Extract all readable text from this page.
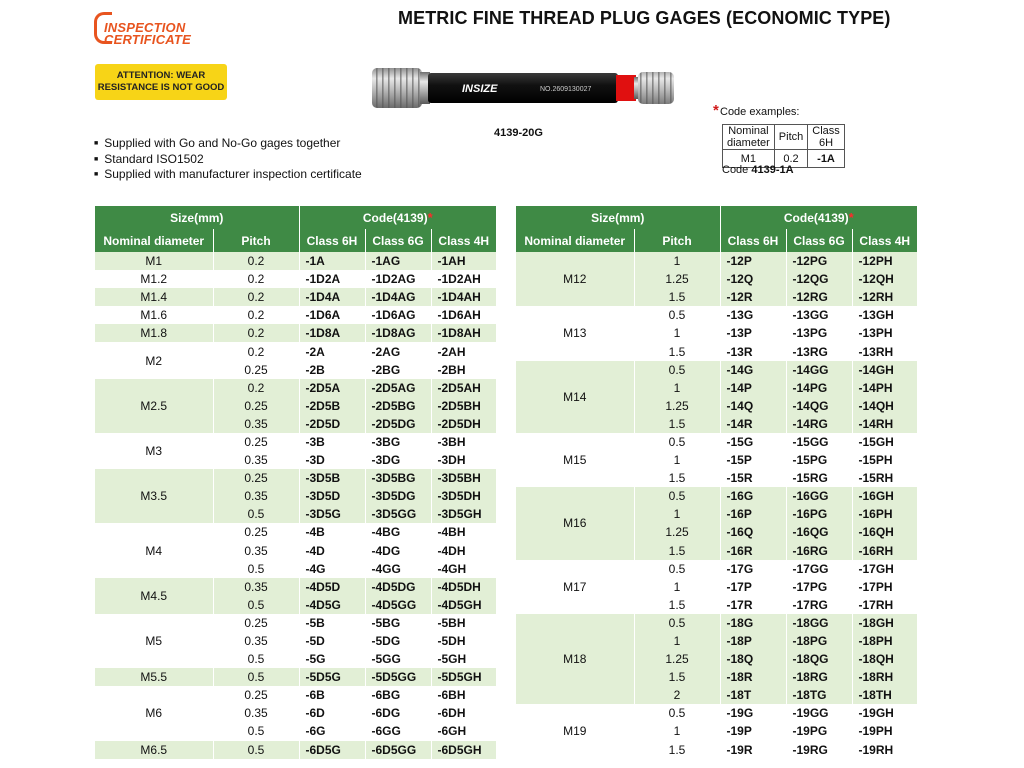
INSPECTION
CERTIFICATE
METRIC FINE THREAD PLUG GAGES (ECONOMIC TYPE)
ATTENTION: WEAR
RESISTANCE IS NOT GOOD	INSIZE	NO.2609130027
4139-20G
■ Supplied with Go and No-Go gages together
■ Standard ISO1502
■ Supplied with manufacturer inspection certificate
* Code examples:
Nominal diameter	Pitch	Class 6H
M1	0.2	-1A
Code 4139-1A
Size(mm)		Code(4139)*		
Nominal diameter	Pitch	Class 6H	Class 6G	Class 4H
M1	0.2	-1A	-1AG	-1AH
M1.2	0.2	-1D2A	-1D2AG	-1D2AH
M1.4	0.2	-1D4A	-1D4AG	-1D4AH
M1.6	0.2	-1D6A	-1D6AG	-1D6AH
M1.8	0.2	-1D8A	-1D8AG	-1D8AH
M2	0.2	-2A	-2AG	-2AH
	0.25	-2B	-2BG	-2BH
M2.5	0.2	-2D5A	-2D5AG	-2D5AH
	0.25	-2D5B	-2D5BG	-2D5BH
	0.35	-2D5D	-2D5DG	-2D5DH
M3	0.25	-3B	-3BG	-3BH
	0.35	-3D	-3DG	-3DH
M3.5	0.25	-3D5B	-3D5BG	-3D5BH
	0.35	-3D5D	-3D5DG	-3D5DH
	0.5	-3D5G	-3D5GG	-3D5GH
M4	0.25	-4B	-4BG	-4BH
	0.35	-4D	-4DG	-4DH
	0.5	-4G	-4GG	-4GH
M4.5	0.35	-4D5D	-4D5DG	-4D5DH
	0.5	-4D5G	-4D5GG	-4D5GH
M5	0.25	-5B	-5BG	-5BH
	0.35	-5D	-5DG	-5DH
	0.5	-5G	-5GG	-5GH
M5.5	0.5	-5D5G	-5D5GG	-5D5GH
M6	0.25	-6B	-6BG	-6BH
	0.35	-6D	-6DG	-6DH
	0.5	-6G	-6GG	-6GH
M6.5	0.5	-6D5G	-6D5GG	-6D5GH
Size(mm)		Code(4139)*		
Nominal diameter	Pitch	Class 6H	Class 6G	Class 4H
M12	1	-12P	-12PG	-12PH
	1.25	-12Q	-12QG	-12QH
	1.5	-12R	-12RG	-12RH
M13	0.5	-13G	-13GG	-13GH
	1	-13P	-13PG	-13PH
	1.5	-13R	-13RG	-13RH
M14	0.5	-14G	-14GG	-14GH
	1	-14P	-14PG	-14PH
	1.25	-14Q	-14QG	-14QH
	1.5	-14R	-14RG	-14RH
M15	0.5	-15G	-15GG	-15GH
	1	-15P	-15PG	-15PH
	1.5	-15R	-15RG	-15RH
M16	0.5	-16G	-16GG	-16GH
	1	-16P	-16PG	-16PH
	1.25	-16Q	-16QG	-16QH
	1.5	-16R	-16RG	-16RH
M17	0.5	-17G	-17GG	-17GH
	1	-17P	-17PG	-17PH
	1.5	-17R	-17RG	-17RH
M18	0.5	-18G	-18GG	-18GH
	1	-18P	-18PG	-18PH
	1.25	-18Q	-18QG	-18QH
	1.5	-18R	-18RG	-18RH
	2	-18T	-18TG	-18TH
M19	0.5	-19G	-19GG	-19GH
	1	-19P	-19PG	-19PH
	1.5	-19R	-19RG	-19RH
